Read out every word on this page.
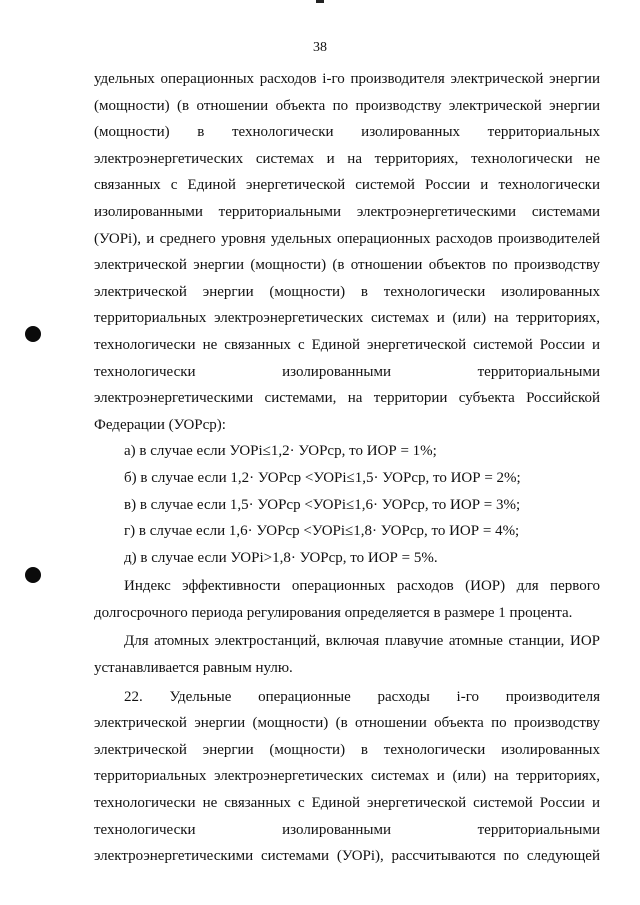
38
удельных операционных расходов i-го производителя электрической энергии
(мощности) (в отношении объекта по производству электрической энергии
(мощности) в технологически изолированных территориальных
электроэнергетических системах и на территориях, технологически не
связанных с Единой энергетической системой России и технологически
изолированными территориальными электроэнергетическими системами
(УОРi), и среднего уровня удельных операционных расходов производителей
электрической энергии (мощности) (в отношении объектов по производству
электрической энергии (мощности) в технологически изолированных
территориальных электроэнергетических системах и (или) на территориях,
технологически не связанных с Единой энергетической системой России и
технологически изолированными территориальными
электроэнергетическими системами, на территории субъекта Российской
Федерации (УОРср):
а) в случае если УОРi≤1,2· УОРср, то ИОР = 1%;
б) в случае если 1,2· УОРср <УОРi≤1,5· УОРср, то ИОР = 2%;
в) в случае если 1,5· УОРср <УОРi≤1,6· УОРср, то ИОР = 3%;
г) в случае если 1,6· УОРср <УОРi≤1,8· УОРср, то ИОР = 4%;
д) в случае если УОРi>1,8· УОРср, то ИОР = 5%.
Индекс эффективности операционных расходов (ИОР) для первого
долгосрочного периода регулирования определяется в размере 1 процента.
Для атомных электростанций, включая плавучие атомные станции, ИОР
устанавливается равным нулю.
22. Удельные операционные расходы i-го производителя
электрической энергии (мощности) (в отношении объекта по производству
электрической энергии (мощности) в технологически изолированных
территориальных электроэнергетических системах и (или) на территориях,
технологически не связанных с Единой энергетической системой России и
технологически изолированными территориальными
электроэнергетическими системами (УОРi), рассчитываются по следующей
